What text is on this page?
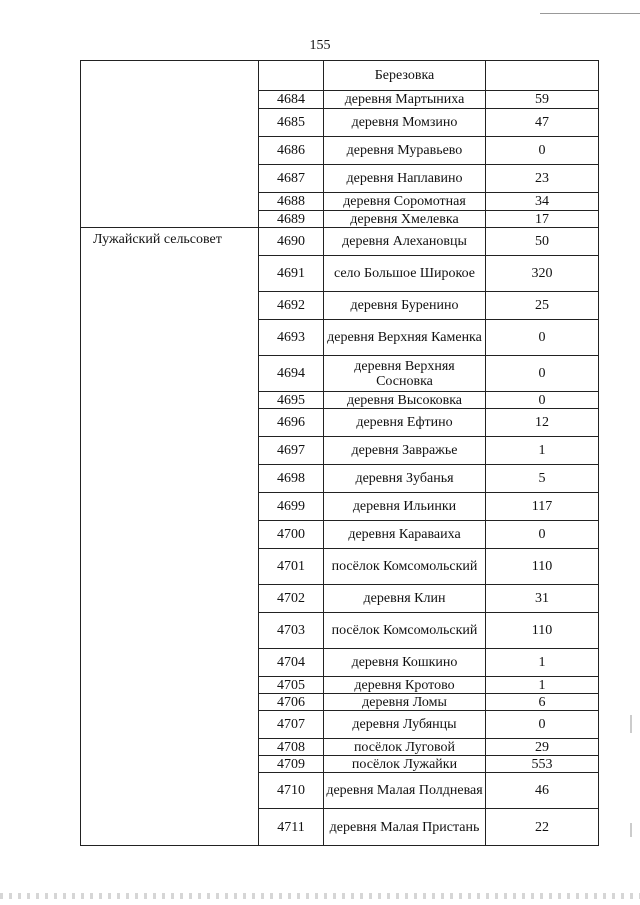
155
		Березовка	
	4684	деревня Мартыниха	59
	4685	деревня Момзино	47
	4686	деревня Муравьево	0
	4687	деревня Наплавино	23
	4688	деревня Соромотная	34
	4689	деревня Хмелевка	17
Лужайский сельсовет	4690	деревня Алехановцы	50
	4691	село Большое Широкое	320
	4692	деревня Буренино	25
	4693	деревня Верхняя Каменка	0
	4694	деревня Верхняя Сосновка	0
	4695	деревня Высоковка	0
	4696	деревня Ефтино	12
	4697	деревня Завражье	1
	4698	деревня Зубанья	5
	4699	деревня Ильинки	117
	4700	деревня Караваиха	0
	4701	посёлок Комсомольский	110
	4702	деревня Клин	31
	4703	посёлок Комсомольский	110
	4704	деревня Кошкино	1
	4705	деревня Кротово	1
	4706	деревня Ломы	6
	4707	деревня Лубянцы	0
	4708	посёлок Луговой	29
	4709	посёлок Лужайки	553
	4710	деревня Малая Полдневая	46
	4711	деревня Малая Пристань	22
